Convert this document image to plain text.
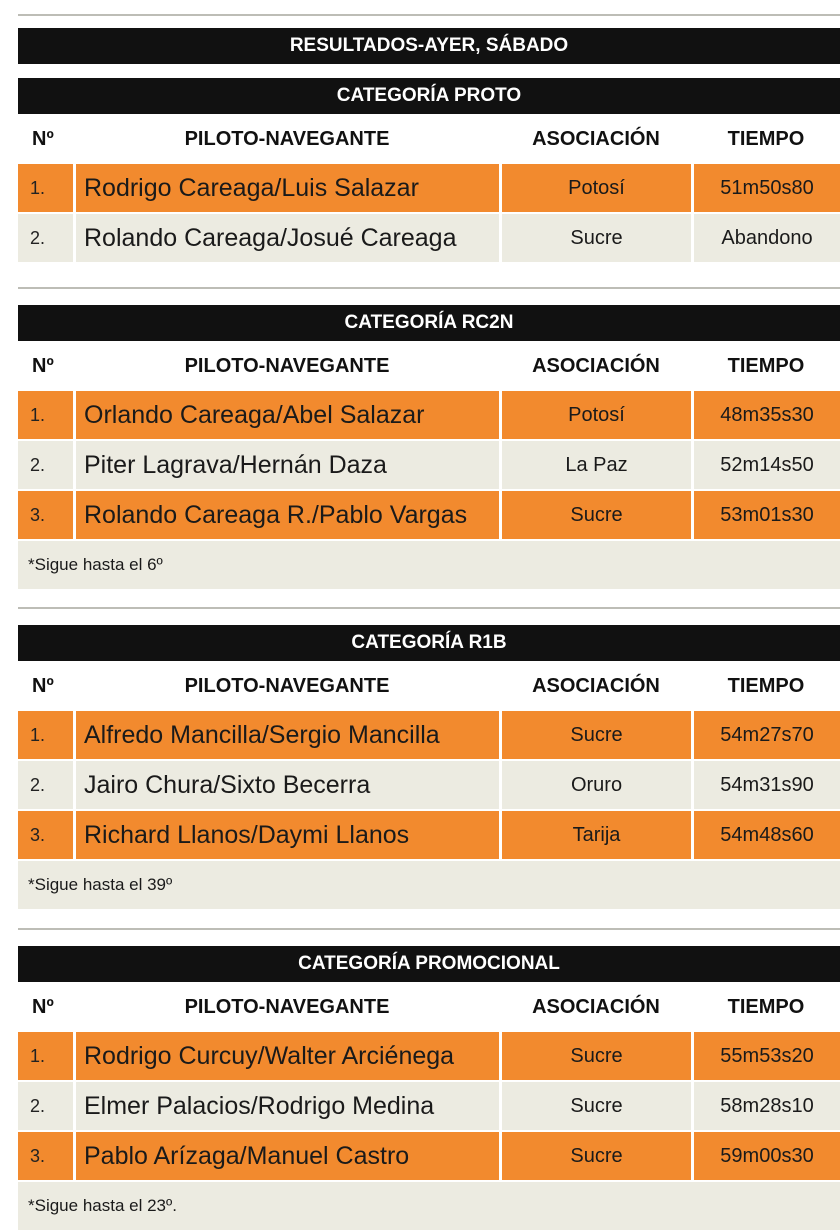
RESULTADOS-AYER, SÁBADO
CATEGORÍA PROTO
Nº	PILOTO-NAVEGANTE	ASOCIACIÓN	TIEMPO
1.	Rodrigo Careaga/Luis Salazar	Potosí	51m50s80
2.	Rolando Careaga/Josué Careaga	Sucre	Abandono
CATEGORÍA RC2N
Nº	PILOTO-NAVEGANTE	ASOCIACIÓN	TIEMPO
1.	Orlando Careaga/Abel Salazar	Potosí	48m35s30
2.	Piter Lagrava/Hernán Daza	La Paz	52m14s50
3.	Rolando Careaga R./Pablo Vargas	Sucre	53m01s30
*Sigue hasta el 6º
CATEGORÍA R1B
Nº	PILOTO-NAVEGANTE	ASOCIACIÓN	TIEMPO
1.	Alfredo Mancilla/Sergio Mancilla	Sucre	54m27s70
2.	Jairo Chura/Sixto Becerra	Oruro	54m31s90
3.	Richard Llanos/Daymi Llanos	Tarija	54m48s60
*Sigue hasta el 39º
CATEGORÍA PROMOCIONAL
Nº	PILOTO-NAVEGANTE	ASOCIACIÓN	TIEMPO
1.	Rodrigo Curcuy/Walter Arciénega	Sucre	55m53s20
2.	Elmer Palacios/Rodrigo Medina	Sucre	58m28s10
3.	Pablo Arízaga/Manuel Castro	Sucre	59m00s30
*Sigue hasta el 23º.
